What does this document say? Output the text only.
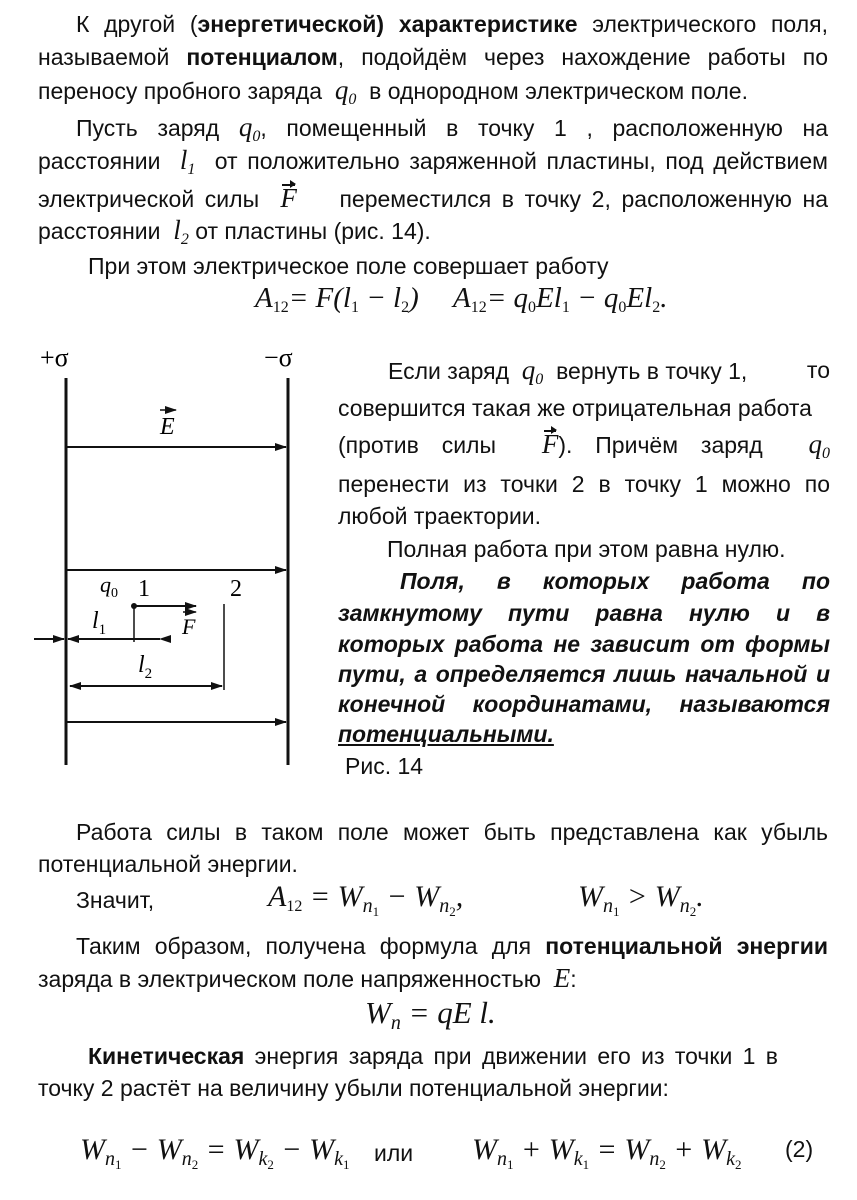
К другой (энергетической) характеристике электрического поля,
называемой потенциалом, подойдём через нахождение работы по
переносу пробного заряда $q_0$ в однородном электрическом поле.
Пусть заряд $q_0$, помещенный в точку 1 , расположенную на
расстоянии $l_1$ от положительно заряженной пластины, под действием
электрической силы F переместился в точку 2, расположенную на
расстоянии $l_2$ от пластины (рис. 14).
При этом электрическое поле совершает работу
$A_{12}= F(l_1 - l_2)$ $A_{12}= q_0El_1 - q_0El_2$.
+σ	−σ
E
$q_0$ 1	2
F
$l_1$
$l_2$
Рис. 14
Если заряд $q_0$ вернуть в точку 1,	то
совершится такая же отрицательная работа
(против силы F). Причём заряд $q_0$
перенести из точки 2 в точку 1 можно по
любой траектории.
Полная работа при этом равна нулю.
Поля, в которых работа по
замкнутому пути равна нулю и в
которых работа не зависит от формы
пути, а определяется лишь начальной и
конечной координатами, называются
потенциальными.
Работа силы в таком поле может быть представлена как убыль
потенциальной энергии.
Значит,	$A_{12} = W_{n1} - W_{n2}$,	$W_{n1} > W_{n2}$.
Таким образом, получена формула для потенциальной энергии
заряда в электрическом поле напряженностью E:
Wn = qE l.
Кинетическая энергия заряда при движении его из точки 1 в
точку 2 растёт на величину убыли потенциальной энергии:
$W_{n1} - W_{n2} = W_{k2} - W_{k1}$ или $W_{n1} + W_{k1} = W_{n2} + W_{k2}$
(2)
